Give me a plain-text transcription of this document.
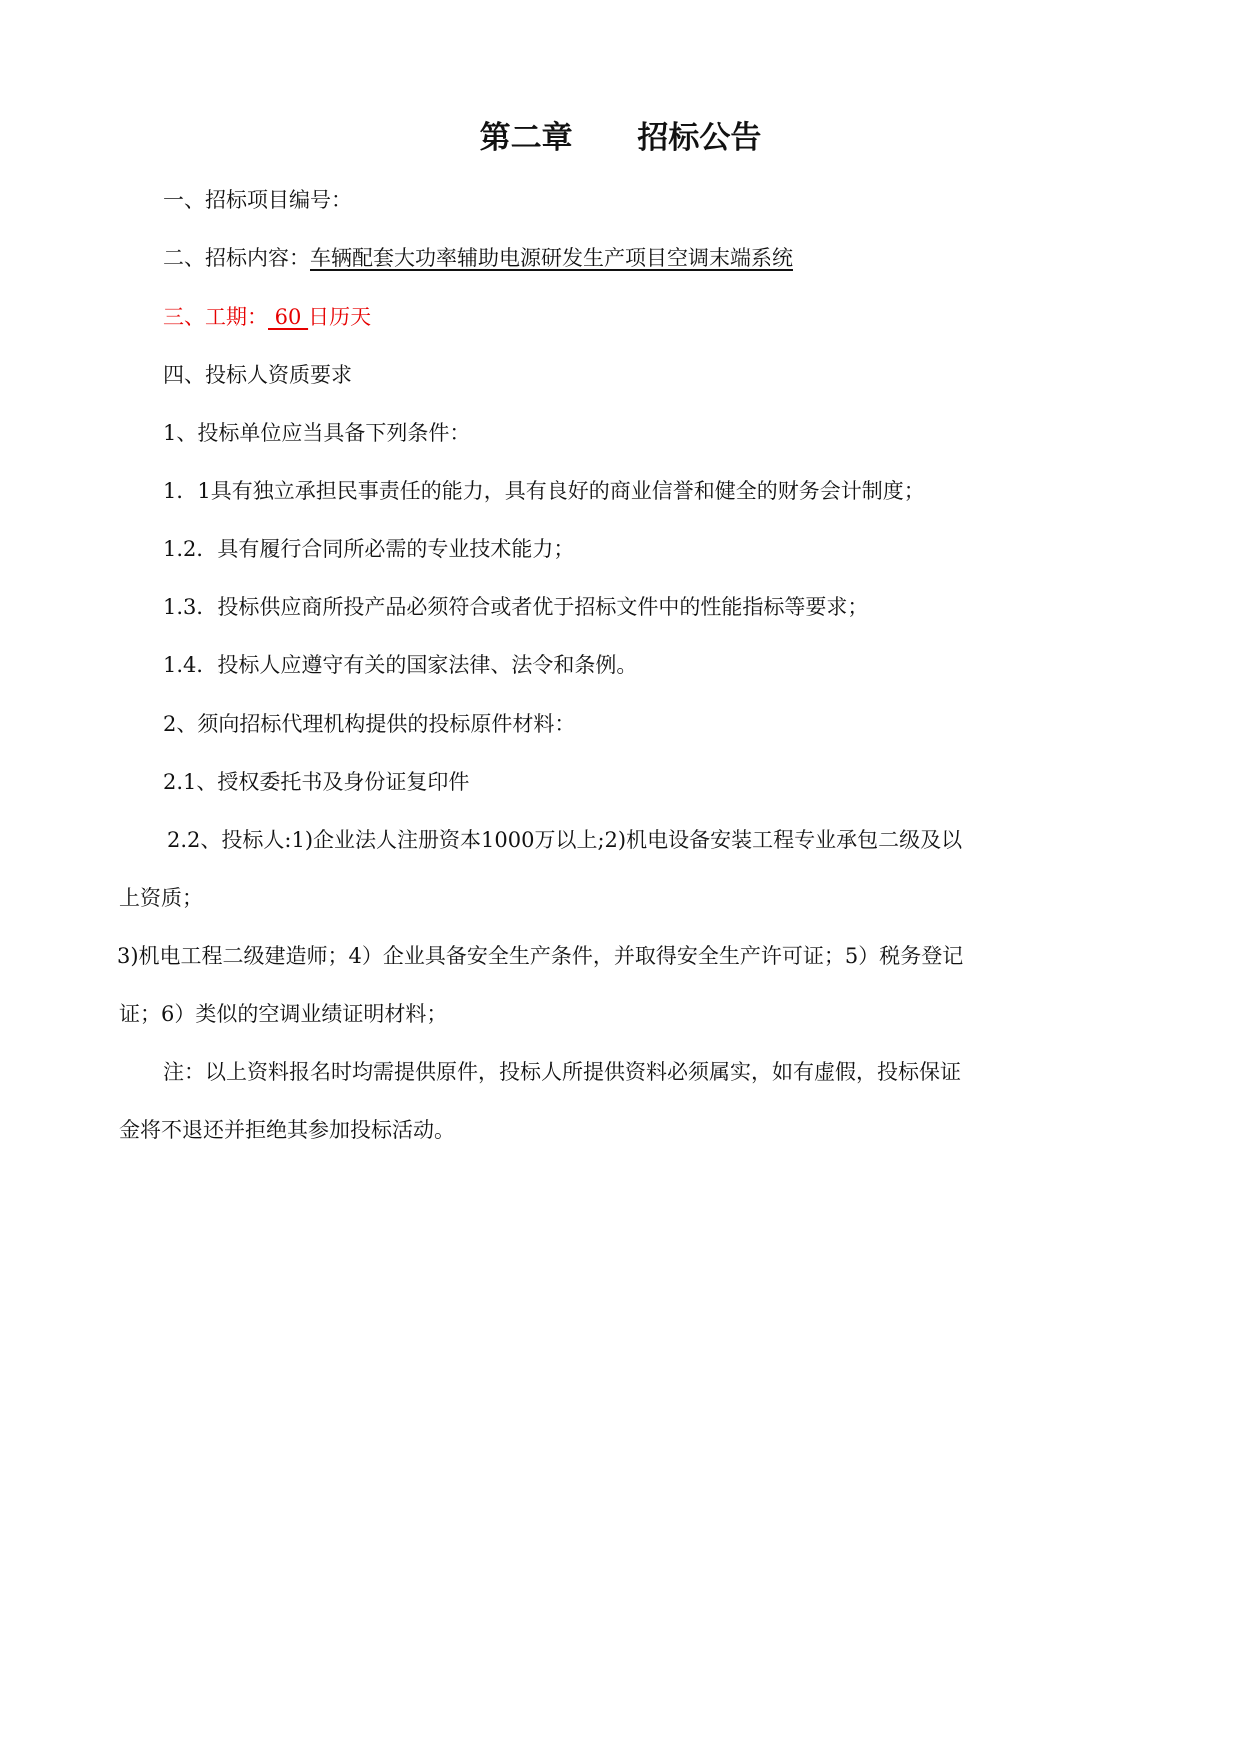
第二章      招标公告
一、招标项目编号：
二、招标内容：车辆配套大功率辅助电源研发生产项目空调末端系统
三、工期： 60 日历天
四、投标人资质要求
1、投标单位应当具备下列条件：
1．1具有独立承担民事责任的能力，具有良好的商业信誉和健全的财务会计制度；
1.2．具有履行合同所必需的专业技术能力；
1.3．投标供应商所投产品必须符合或者优于招标文件中的性能指标等要求；
1.4．投标人应遵守有关的国家法律、法令和条例。
2、须向招标代理机构提供的投标原件材料：
2.1、授权委托书及身份证复印件
2.2、投标人:1)企业法人注册资本1000万以上;2)机电设备安装工程专业承包二级及以
上资质；
3)机电工程二级建造师；4）企业具备安全生产条件，并取得安全生产许可证；5）税务登记
证；6）类似的空调业绩证明材料；
注：以上资料报名时均需提供原件，投标人所提供资料必须属实，如有虚假，投标保证
金将不退还并拒绝其参加投标活动。
